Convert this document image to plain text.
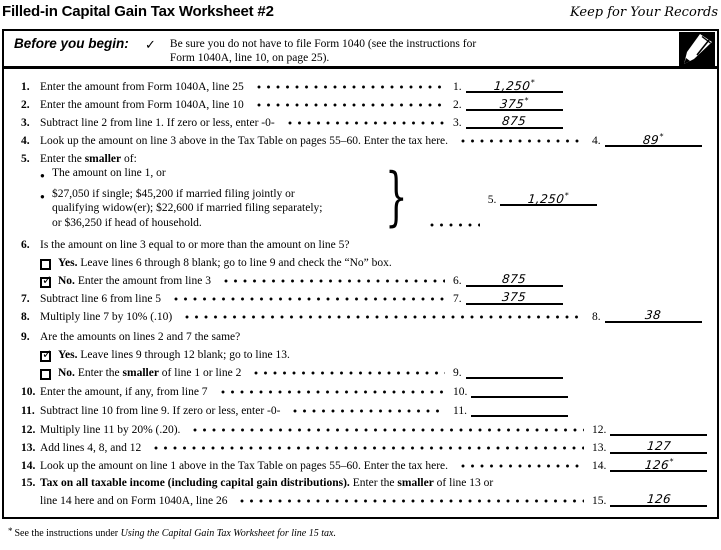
Filled-in Capital Gain Tax Worksheet #2	Keep for Your Records
Before you begin:	✓ Be sure you do not have to file Form 1040 (see the instructions for
Form 1040A, line 10, on page 25).
1. Enter the amount from Form 1040A, line 25	1.	1,250*
2. Enter the amount from Form 1040A, line 10	2.	375*
3. Subtract line 2 from line 1. If zero or less, enter -0-	3.	875
4. Look up the amount on line 3 above in the Tax Table on pages 55–60. Enter the tax here.	4.	89*
5. Enter the smaller of:
● The amount on line 1, or
● $27,050 if single; $45,200 if married filing jointly or
qualifying widow(er); $22,600 if married filing separately;
or $36,250 if head of household.	}	5.	1,250*
6. Is the amount on line 3 equal to or more than the amount on line 5?
Yes. Leave lines 6 through 8 blank; go to line 9 and check the “No” box.
✓ No. Enter the amount from line 3	6.	875
7. Subtract line 6 from line 5	7.	375
8. Multiply line 7 by 10% (.10)	8.	38
9. Are the amounts on lines 2 and 7 the same?
✓ Yes. Leave lines 9 through 12 blank; go to line 13.
No. Enter the smaller of line 1 or line 2	9.
10. Enter the amount, if any, from line 7	10.
11. Subtract line 10 from line 9. If zero or less, enter -0-	11.
12. Multiply line 11 by 20% (.20).	12.
13. Add lines 4, 8, and 12	13.	127
14. Look up the amount on line 1 above in the Tax Table on pages 55–60. Enter the tax here.	14.	126*
15. Tax on all taxable income (including capital gain distributions). Enter the smaller of line 13 or
line 14 here and on Form 1040A, line 26	15.	126
* See the instructions under Using the Capital Gain Tax Worksheet for line 15 tax.
